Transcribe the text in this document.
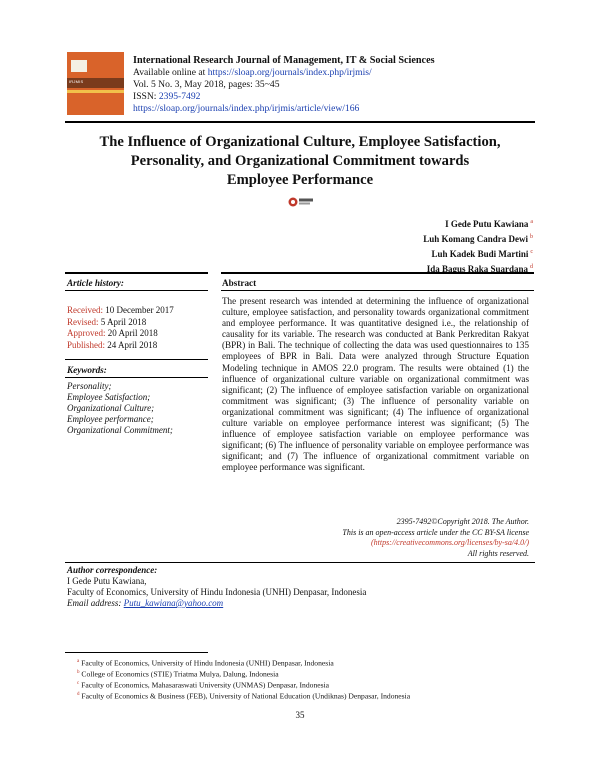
IRJMIS
International Research Journal of Management, IT & Social Sciences
Available online at https://sloap.org/journals/index.php/irjmis/
Vol. 5 No. 3, May 2018, pages: 35~45
ISSN: 2395-7492
https://sloap.org/journals/index.php/irjmis/article/view/166
The Influence of Organizational Culture, Employee Satisfaction,
Personality, and Organizational Commitment towards
Employee Performance
I Gede Putu Kawiana $^a$
Luh Komang Candra Dewi $^b$
Luh Kadek Budi Martini $^c$
Ida Bagus Raka Suardana $^d$
Article history:
Received: 10 December 2017
Revised: 5 April 2018
Approved: 20 April 2018
Published: 24 April 2018
Keywords:
Personality;
Employee Satisfaction;
Organizational Culture;
Employee performance;
Organizational Commitment;
Abstract
The present research was intended at determining the influence of organizational culture, employee satisfaction, and personality towards organizational commitment and employee performance. It was quantitative designed i.e., the relationship of causality for its variable. The research was conducted at Bank Perkreditan Rakyat (BPR) in Bali. The technique of collecting the data was used questionnaires to 135 employees of BPR in Bali. Data were analyzed through Structure Equation Modeling technique in AMOS 22.0 program. The results were obtained (1) the influence of organizational culture variable on organizational commitment was significant; (2) The influence of employee satisfaction variable on organizational commitment was significant; (3) The influence of personality variable on organizational commitment was significant; (4) The influence of organizational culture variable on employee performance interest was significant; (5) The influence of employee satisfaction variable on employee performance was significant; (6) The influence of personality variable on employee performance was significant; and (7) The influence of organizational commitment variable on employee performance was significant.
2395-7492©Copyright 2018. The Author.
This is an open-access article under the CC BY-SA license
(https://creativecommons.org/licenses/by-sa/4.0/)
All rights reserved.
Author correspondence:
I Gede Putu Kawiana,
Faculty of Economics, University of Hindu Indonesia (UNHI) Denpasar, Indonesia
Email address: Putu_kawiana@yahoo.com
$^a$ Faculty of Economics, University of Hindu Indonesia (UNHI) Denpasar, Indonesia
$^b$ College of Economics (STIE) Triatma Mulya, Dalung, Indonesia
$^c$ Faculty of Economics, Mahasaraswati University (UNMAS) Denpasar, Indonesia
$^d$ Faculty of Economics & Business (FEB), University of National Education (Undiknas) Denpasar, Indonesia
35
